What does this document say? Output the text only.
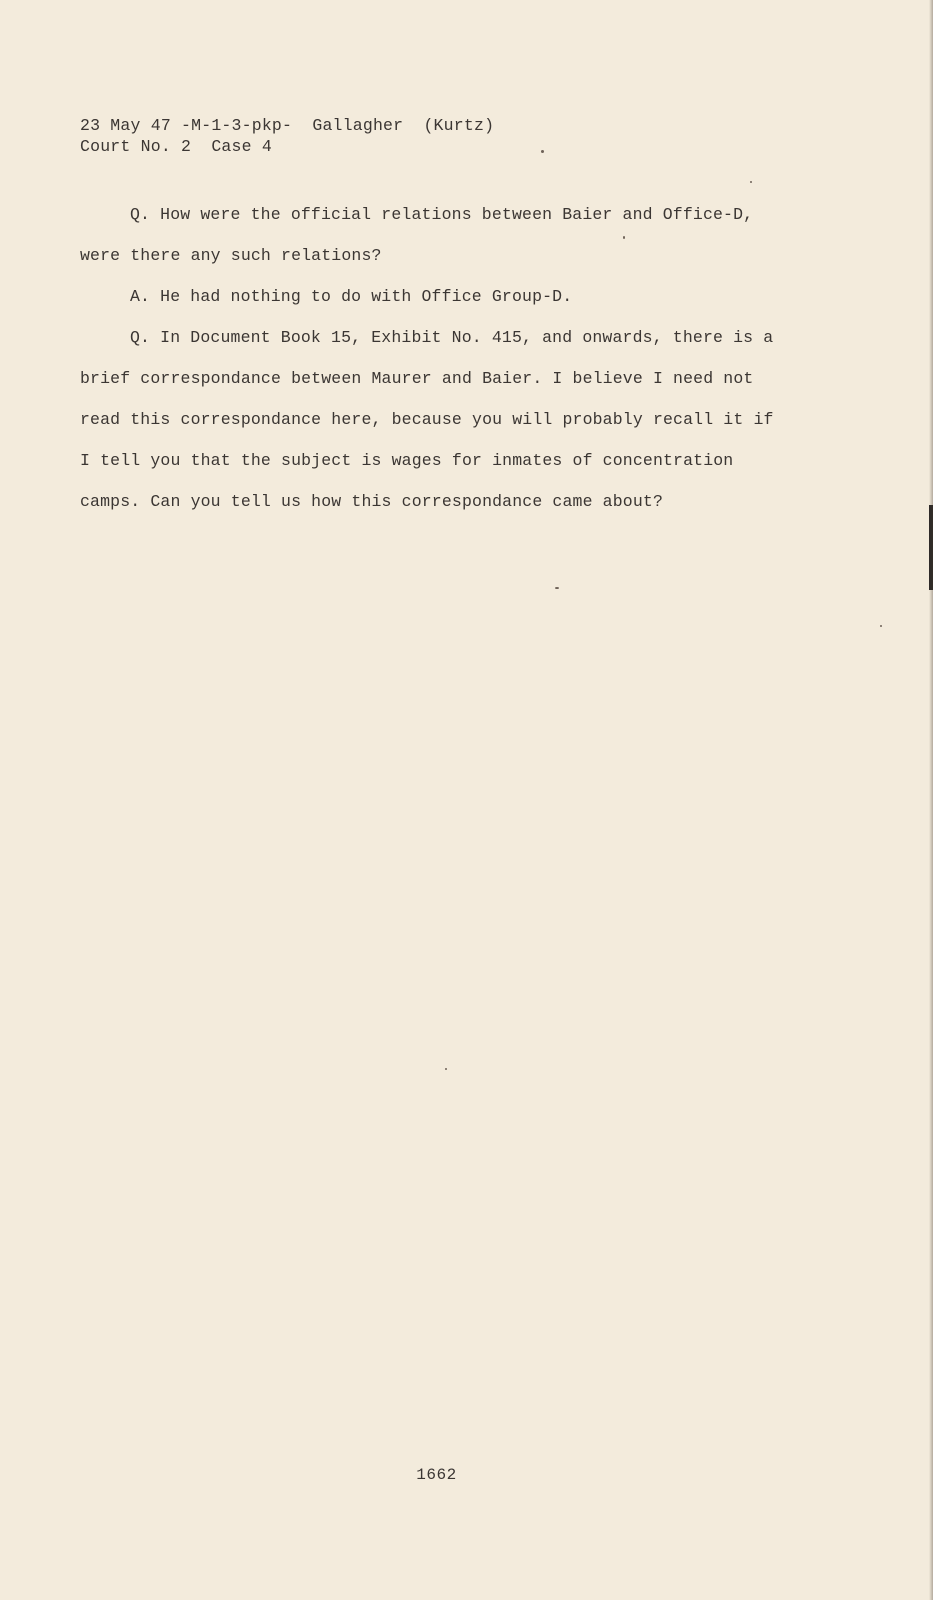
23 May 47 -M-1-3-pkp-  Gallagher  (Kurtz)
Court No. 2  Case 4

Q. How were the official relations between Baier and Office-D, were there any such relations?

A. He had nothing to do with Office Group-D.

Q. In Document Book 15, Exhibit No. 415, and onwards, there is a brief correspondance between Maurer and Baier. I believe I need not read this correspondance here, because you will probably recall it if I tell you that the subject is wages for inmates of concentration camps. Can you tell us how this correspondance came about?

1662
